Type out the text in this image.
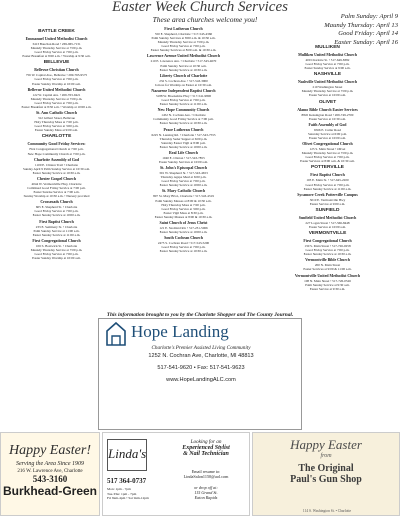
Easter Week Church Services
These area churches welcome you!	Palm Sunday: April 9
Maundy Thursday: April 13
Good Friday: April 14
Easter Sunday: April 16
BATTLE CREEK
Emmanuel United Methodist Church
3413 Bauchan Road • 269-965-7131
Maundy Thursday Service at 7:00 p.m.
Good Friday Service at 7:00 p.m.
Easter Breakfast at 8:00 a.m. • Worship at 9:30 a.m.
BELLEVUE
Bellevue Christian Church
756 W. Capital Ave., Bellevue • 269-763-9575
Good Friday Service at 7:00 p.m.
Easter Sunday Worship at 10:00 a.m.
Bellevue United Methodist Church
122 W. Capital Ave. • 269-763-9421
Maundy Thursday Service at 7:00 p.m.
Good Friday Service at 7:00 p.m.
Easter Breakfast at 8:30 a.m. • Worship at 10:00 a.m.
St. Ann Catholic Church
312 Gilbert Street, Bellevue
Holy Thursday Mass at 7:00 p.m.
Good Friday Service at 3:00 p.m.
Easter Sunday Mass at 9:00 a.m.
CHARLOTTE
Community Good Friday Services:
First Congregational Church at 7:00 p.m.
New Hope Community Church at 7:00 p.m.
Charlotte Assembly of God
1100 E. Clinton Trail • Charlotte
Sunday April 9 Palm Sunday Service at 10:30 a.m.
Easter Sunday Service at 10:30 a.m.
Chester Gospel Church
4044 W. Vermontville Hwy, Charlotte
Combined Good Friday Service at 7:00 p.m.
Easter Sunrise Service at 7:00 a.m.
Sunday Worship at 10:30 a.m. • Nursery provided
Crossroads Church
605 E. Shepherd St. • Charlotte
Good Friday Service at 7:00 p.m.
Easter Sunday Service at 10:00 a.m.
First Baptist Church
233 E. Seminary St. • Charlotte
Palm Sunday Service at 11:00 a.m.
Easter Sunday Service at 11:00 a.m.
First Congregational Church
106 S. Bostwick St. • Charlotte
Maundy Thursday Service at 7:00 p.m.
Good Friday Service at 7:00 p.m.
Easter Sunday Worship at 10:00 a.m.
First Lutheran Church
550 E. Shepherd, Charlotte • 517-543-4360
Palm Sunday Services at 8:00 a.m. & 10:30 a.m.
Maundy Thursday Service at 7:00 p.m.
Good Friday Service at 7:00 p.m.
Easter Sunday Services at 8:00 a.m. & 10:30 a.m.
Lawrence Avenue United Methodist Church
210 E. Lawrence Ave. • Charlotte • 517-543-4670
Palm Sunday Service at 10:30 a.m.
Easter Sunday Service at 10:30 a.m.
Liberty Church of Charlotte
232 S. Cochran Ave. • 517-543-3900
Join us for Worship on Easter at 10:30 a.m.
Nazarene Independent Baptist Church
3188 W. Brookshire Hwy • 517-541-9800
Good Friday Service at 7:00 p.m.
Easter Sunday Service at 11:00 a.m.
New Hope Community Church
1452 N. Cochran Ave. • Charlotte
Community Good Friday Service at 7:00 p.m.
Easter Sunday Service at 10:30 a.m.
Peace Lutheran Church
6225 N. Lansing Rd. • Charlotte • 517-543-7555
Thursday Seder Supper at 6:00 p.m.
Saturday Easter Vigil at 8:00 p.m.
Easter Sunday Service at 10:00 a.m.
Real Life Church
1040 E. Clinton • 517-543-7855
Easter Sunday Services at 10:00 a.m.
St. John's Episcopal Church
301 W. Shepherd St. • 517-543-4653
Thursday Agape Meal at 6:00 p.m.
Good Friday Service at 7:00 p.m.
Easter Sunday Service at 10:00 a.m.
St. Mary Catholic Church
807 St. Mary Blvd., Charlotte • 517-543-4319
Palm Sunday Masses at 8:00 & 10:30 a.m.
Holy Thursday Mass at 7:00 p.m.
Good Friday Service at 3:00 p.m.
Easter Vigil Mass at 8:30 p.m.
Easter Sunday Masses at 8:00 & 10:30 a.m.
Saint Church of Jesus Christ
121 E. Stoddard Rd. • 517-231-5066
Easter Sunday Service at 10:00 a.m.
South Cochran Church
2475 S. Cochran Road • 517-543-5200
Good Friday Service at 7:00 p.m.
Easter Sunday Service at 10:30 a.m.
MULLIKEN
Mulliken United Methodist Church
400 Charlotte St. • 517-649-8382
Good Friday Service at 7:00 p.m.
Easter Sunday Service at 9:00 a.m.
NASHVILLE
Nashville United Methodist Church
210 Washington Street
Maundy Thursday Service at 7:00 p.m.
Easter Service at 10:00 a.m.
OLIVET
Alamo Bible Church Easter Services
8845 Kensington Road • 269-749-2700
Easter Service at 10:30 a.m.
Faith Assembly of God
6566 E. Cutler Road
Saturday Service at 6:00 p.m.
Easter Service at 10:00 a.m.
Olivet Congregational Church
125 S. Main Street • Olivet
Maundy Thursday Service at 7:00 p.m.
Good Friday Service at 7:00 p.m.
Easter Services at 8:00 a.m. & 10:30 a.m.
POTTERVILLE
First Baptist Church
103 E. Main St. • 517-645-2200
Good Friday Service at 7:00 p.m.
Easter Sunday Service at 11:00 a.m.
Sycamore Creek Potterville Campus
3010 E. Vermontville Hwy
Easter Service at 9:00 a.m.
SUNFIELD
Sunfield United Methodist Church
227 Logan Street • 517-566-8448
Easter Service at 10:00 a.m.
VERMONTVILLE
First Congregational Church
130 S. Main Street • 517-726-0258
Good Friday Service at 7:00 p.m.
Easter Sunday Service at 10:30 a.m.
Vermontville Bible Church
200 N. Main Street
Easter Services at 9:00 & 11:00 a.m.
Vermontville United Methodist Church
108 N. Main Street • 517-726-0526
Palm Sunday Service at 9:30 a.m.
Easter Service at 9:30 a.m.
This information brought to you by the Charlotte Shopper and The County Journal.
Hope Landing
Charlotte's Premier Assisted Living Community
1252 N. Cochran Ave, Charlotte, MI 48813
517-541-9620 • Fax: 517-541-9623
www.HopeLandingALC.com
Happy Easter!
Serving the Area Since 1909
216 W. Lawrence Ave, Charlotte
543-3160
Burkhead-Green
Linda's
517 364-0737
Mon: 1pm - 7pm
Tue-Thu: 1pm - 7pm
Fri 8am-4pm • Sat 9am-12pm
Looking for an
Experienced Stylist
& Nail Technician
Email resume to:
LindaSalon1150@aol.com
or drop off at:
115 Grand St.
Eaton Rapids
Happy Easter
from
The Original
Paul's Gun Shop
114 S. Washington St. • Charlotte
